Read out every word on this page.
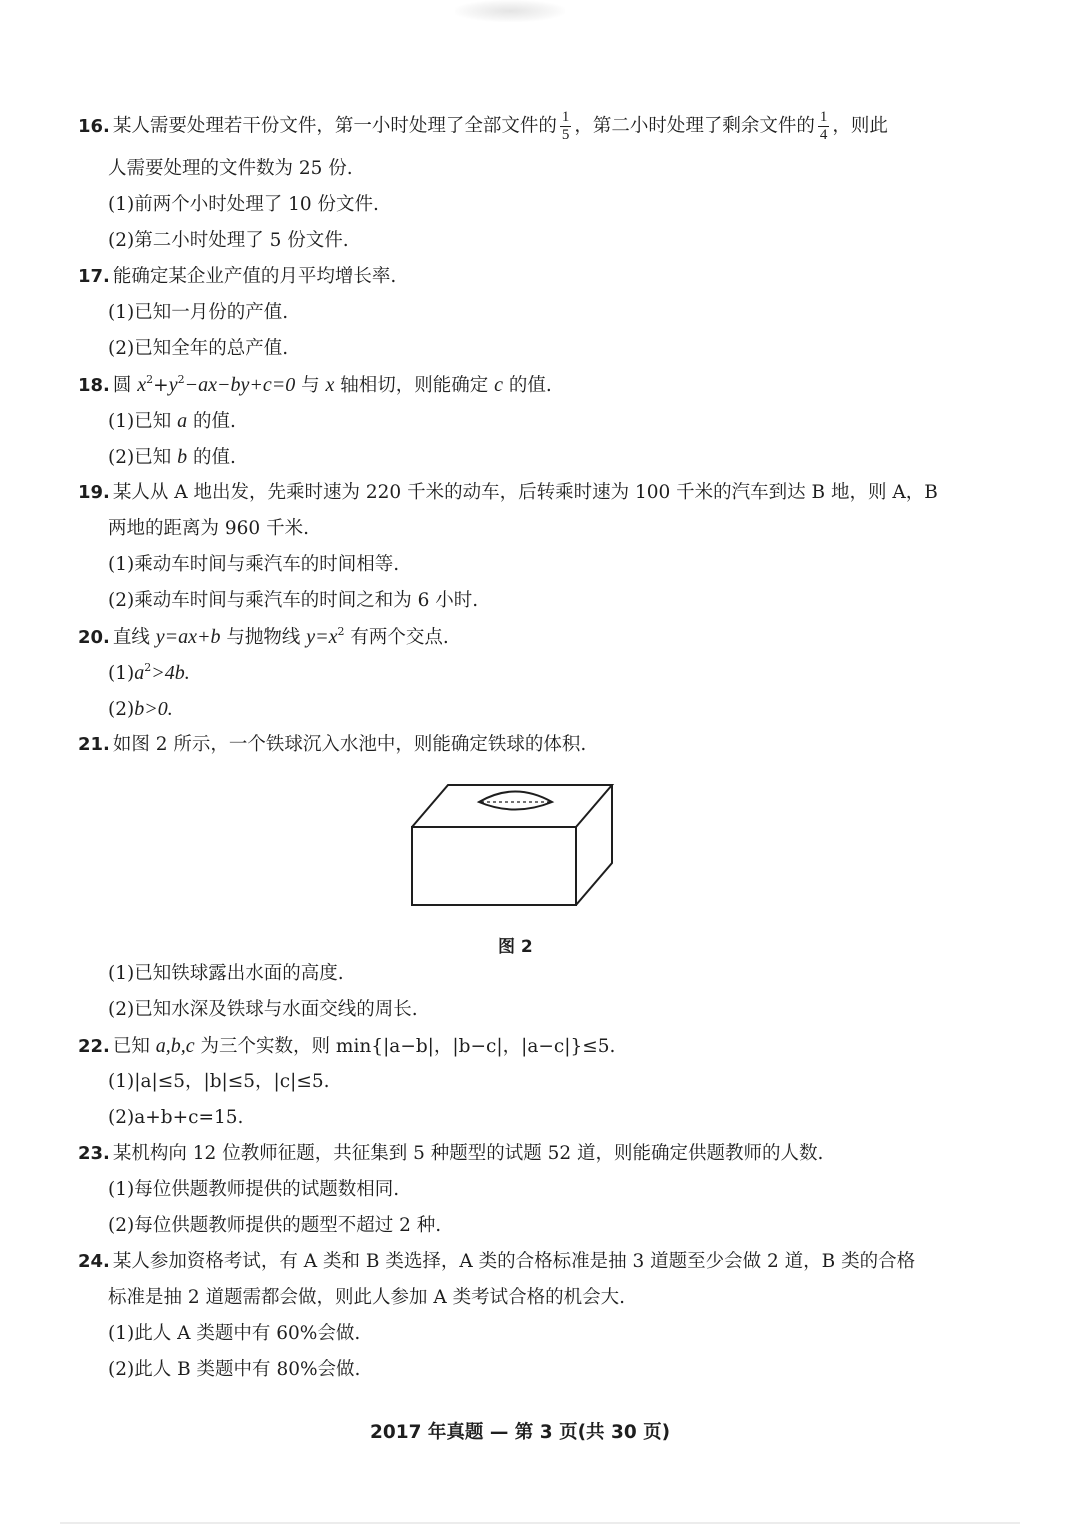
16. 某人需要处理若干份文件，第一小时处理了全部文件的 $\frac{1}{5}$ ，第二小时处理了剩余文件的 $\frac{1}{4}$ ，则此
人需要处理的文件数为 25 份.
(1)前两个小时处理了 10 份文件.
(2)第二小时处理了 5 份文件.
17. 能确定某企业产值的月平均增长率.
(1)已知一月份的产值.
(2)已知全年的总产值.
18. 圆 $x^2+y^2-ax-by+c=0$ 与 x 轴相切，则能确定 c 的值.
(1)已知 a 的值.
(2)已知 b 的值.
19. 某人从 A 地出发，先乘时速为 220 千米的动车，后转乘时速为 100 千米的汽车到达 B 地，则 A，B
两地的距离为 960 千米.
(1)乘动车时间与乘汽车的时间相等.
(2)乘动车时间与乘汽车的时间之和为 6 小时.
20. 直线 y=ax+b 与抛物线 $y=x^2$ 有两个交点.
$(1)a^2>4b$.
(2)b>0.
21. 如图 2 所示，一个铁球沉入水池中，则能确定铁球的体积.
图 2
(1)已知铁球露出水面的高度.
(2)已知水深及铁球与水面交线的周长.
22. 已知 a,b,c 为三个实数，则 min{|a−b|，|b−c|，|a−c|}≤5.
(1)|a|≤5，|b|≤5，|c|≤5.
(2)a+b+c=15.
23. 某机构向 12 位教师征题，共征集到 5 种题型的试题 52 道，则能确定供题教师的人数.
(1)每位供题教师提供的试题数相同.
(2)每位供题教师提供的题型不超过 2 种.
24. 某人参加资格考试，有 A 类和 B 类选择，A 类的合格标准是抽 3 道题至少会做 2 道，B 类的合格
标准是抽 2 道题需都会做，则此人参加 A 类考试合格的机会大.
(1)此人 A 类题中有 60%会做.
(2)此人 B 类题中有 80%会做.
2017 年真题 — 第 3 页(共 30 页)
